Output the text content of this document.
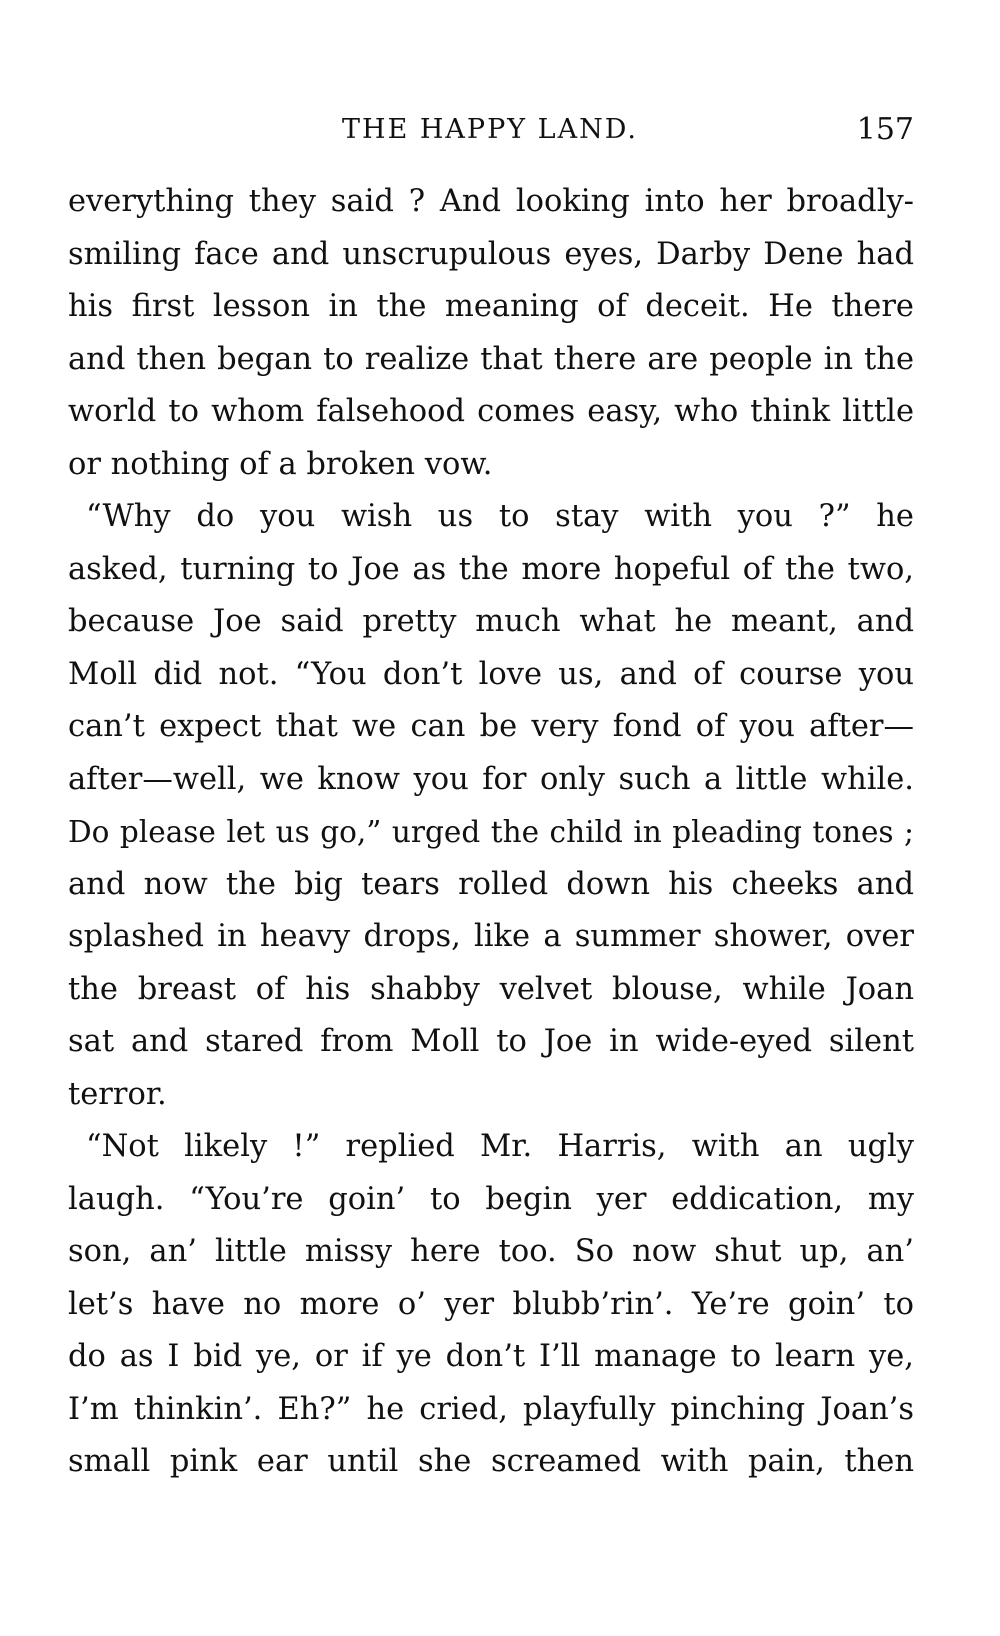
THE HAPPY LAND.	157
everything they said ? And looking into her broadly-
smiling face and unscrupulous eyes, Darby Dene had
his first lesson in the meaning of deceit. He there
and then began to realize that there are people in the
world to whom falsehood comes easy, who think little
or nothing of a broken vow.
“Why do you wish us to stay with you ?” he
asked, turning to Joe as the more hopeful of the two,
because Joe said pretty much what he meant, and
Moll did not. “You don’t love us, and of course you
can’t expect that we can be very fond of you after—
after—well, we know you for only such a little while.
Do please let us go,” urged the child in pleading tones ;
and now the big tears rolled down his cheeks and
splashed in heavy drops, like a summer shower, over
the breast of his shabby velvet blouse, while Joan
sat and stared from Moll to Joe in wide-eyed silent
terror.
“Not likely !” replied Mr. Harris, with an ugly
laugh. “You’re goin’ to begin yer eddication, my
son, an’ little missy here too. So now shut up, an’
let’s have no more o’ yer blubb’rin’. Ye’re goin’ to
do as I bid ye, or if ye don’t I’ll manage to learn ye,
I’m thinkin’. Eh?” he cried, playfully pinching Joan’s
small pink ear until she screamed with pain, then
